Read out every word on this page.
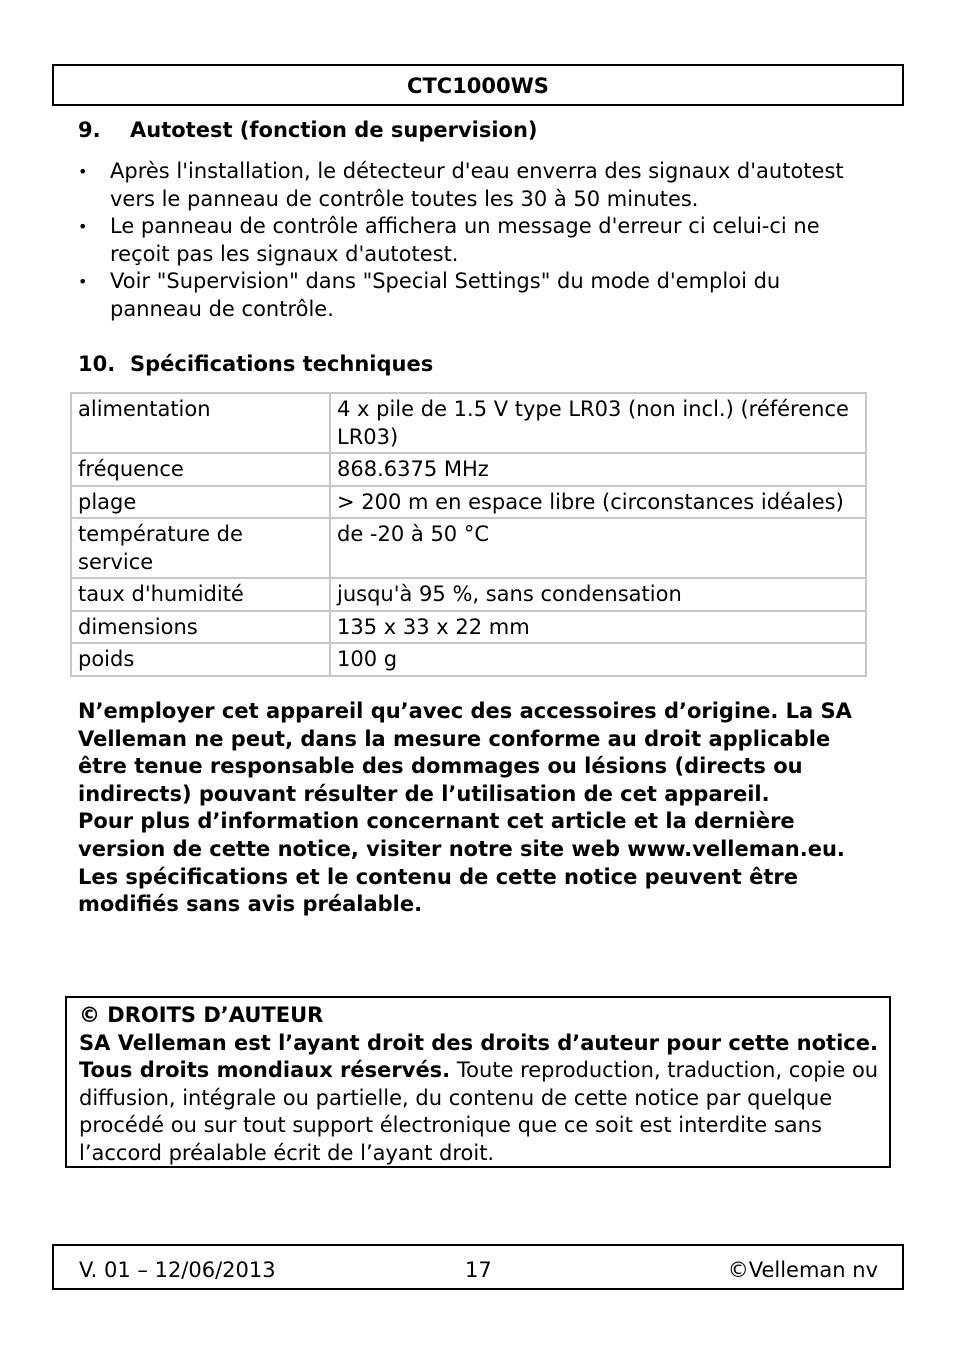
CTC1000WS
9. Autotest (fonction de supervision)
• Après l'installation, le détecteur d'eau enverra des signaux d'autotest vers le panneau de contrôle toutes les 30 à 50 minutes.
• Le panneau de contrôle affichera un message d'erreur ci celui-ci ne reçoit pas les signaux d'autotest.
• Voir "Supervision" dans "Special Settings" du mode d'emploi du panneau de contrôle.
10. Spécifications techniques
alimentation	4 x pile de 1.5 V type LR03 (non incl.) (référence LR03)
fréquence	868.6375 MHz
plage	> 200 m en espace libre (circonstances idéales)
température de service	de -20 à 50 °C
taux d'humidité	jusqu'à 95 %, sans condensation
dimensions	135 x 33 x 22 mm
poids	100 g

N’employer cet appareil qu’avec des accessoires d’origine. La SA Velleman ne peut, dans la mesure conforme au droit applicable être tenue responsable des dommages ou lésions (directs ou indirects) pouvant résulter de l’utilisation de cet appareil.

Pour plus d’information concernant cet article et la dernière version de cette notice, visiter notre site web www.velleman.eu.

Les spécifications et le contenu de cette notice peuvent être modifiés sans avis préalable.

© DROITS D’AUTEUR
SA Velleman est l’ayant droit des droits d’auteur pour cette notice. Tous droits mondiaux réservés. Toute reproduction, traduction, copie ou diffusion, intégrale ou partielle, du contenu de cette notice par quelque procédé ou sur tout support électronique que ce soit est interdite sans l’accord préalable écrit de l’ayant droit.
V. 01 – 12/06/2013	17	©Velleman nv
